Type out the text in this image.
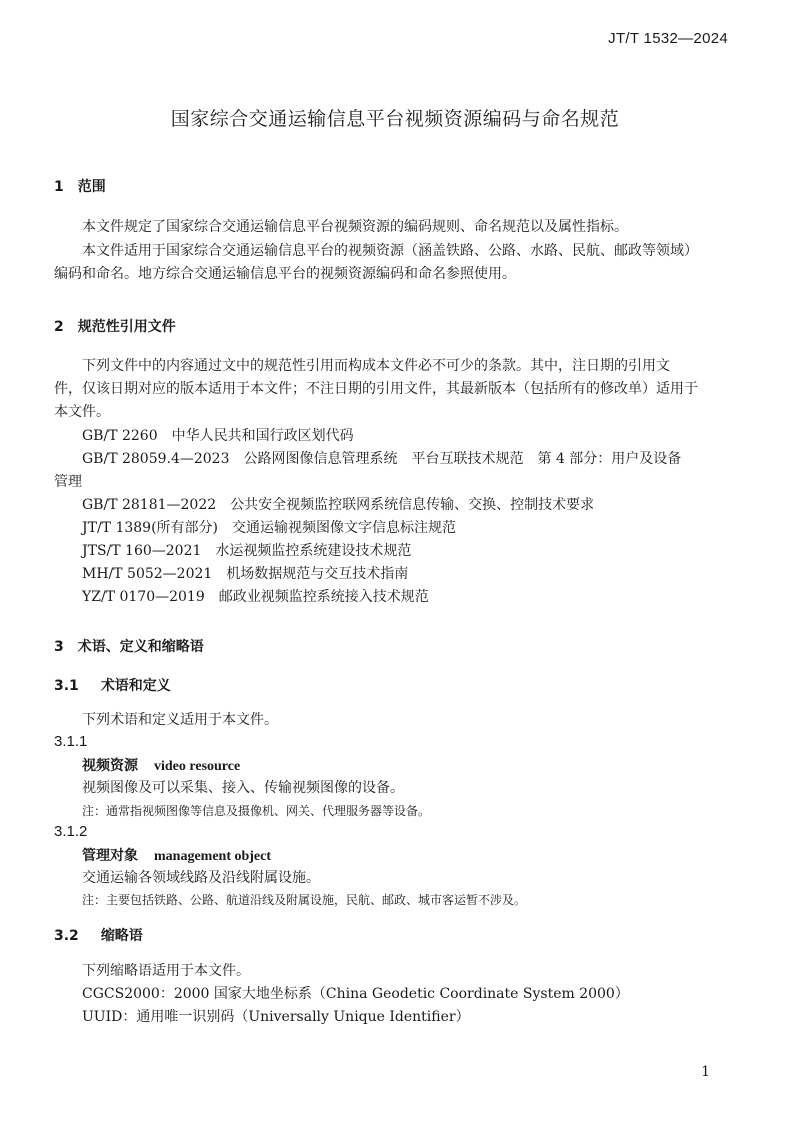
JT/T 1532—2024
国家综合交通运输信息平台视频资源编码与命名规范
1 范围
本文件规定了国家综合交通运输信息平台视频资源的编码规则、命名规范以及属性指标。
本文件适用于国家综合交通运输信息平台的视频资源（涵盖铁路、公路、水路、民航、邮政等领域）
编码和命名。地方综合交通运输信息平台的视频资源编码和命名参照使用。
2 规范性引用文件
下列文件中的内容通过文中的规范性引用而构成本文件必不可少的条款。其中，注日期的引用文
件，仅该日期对应的版本适用于本文件；不注日期的引用文件，其最新版本（包括所有的修改单）适用于
本文件。
GB/T 2260 中华人民共和国行政区划代码
GB/T 28059.4—2023 公路网图像信息管理系统　平台互联技术规范　第 4 部分：用户及设备
管理
GB/T 28181—2022 公共安全视频监控联网系统信息传输、交换、控制技术要求
JT/T 1389(所有部分) 交通运输视频图像文字信息标注规范
JTS/T 160—2021 水运视频监控系统建设技术规范
MH/T 5052—2021 机场数据规范与交互技术指南
YZ/T 0170—2019 邮政业视频监控系统接入技术规范
3 术语、定义和缩略语
3.1 术语和定义
下列术语和定义适用于本文件。
3.1.1
视频资源 video resource
视频图像及可以采集、接入、传输视频图像的设备。
注：通常指视频图像等信息及摄像机、网关、代理服务器等设备。
3.1.2
管理对象 management object
交通运输各领域线路及沿线附属设施。
注：主要包括铁路、公路、航道沿线及附属设施，民航、邮政、城市客运暂不涉及。
3.2 缩略语
下列缩略语适用于本文件。
CGCS2000：2000 国家大地坐标系（China Geodetic Coordinate System 2000）
UUID：通用唯一识别码（Universally Unique Identifier）
1
